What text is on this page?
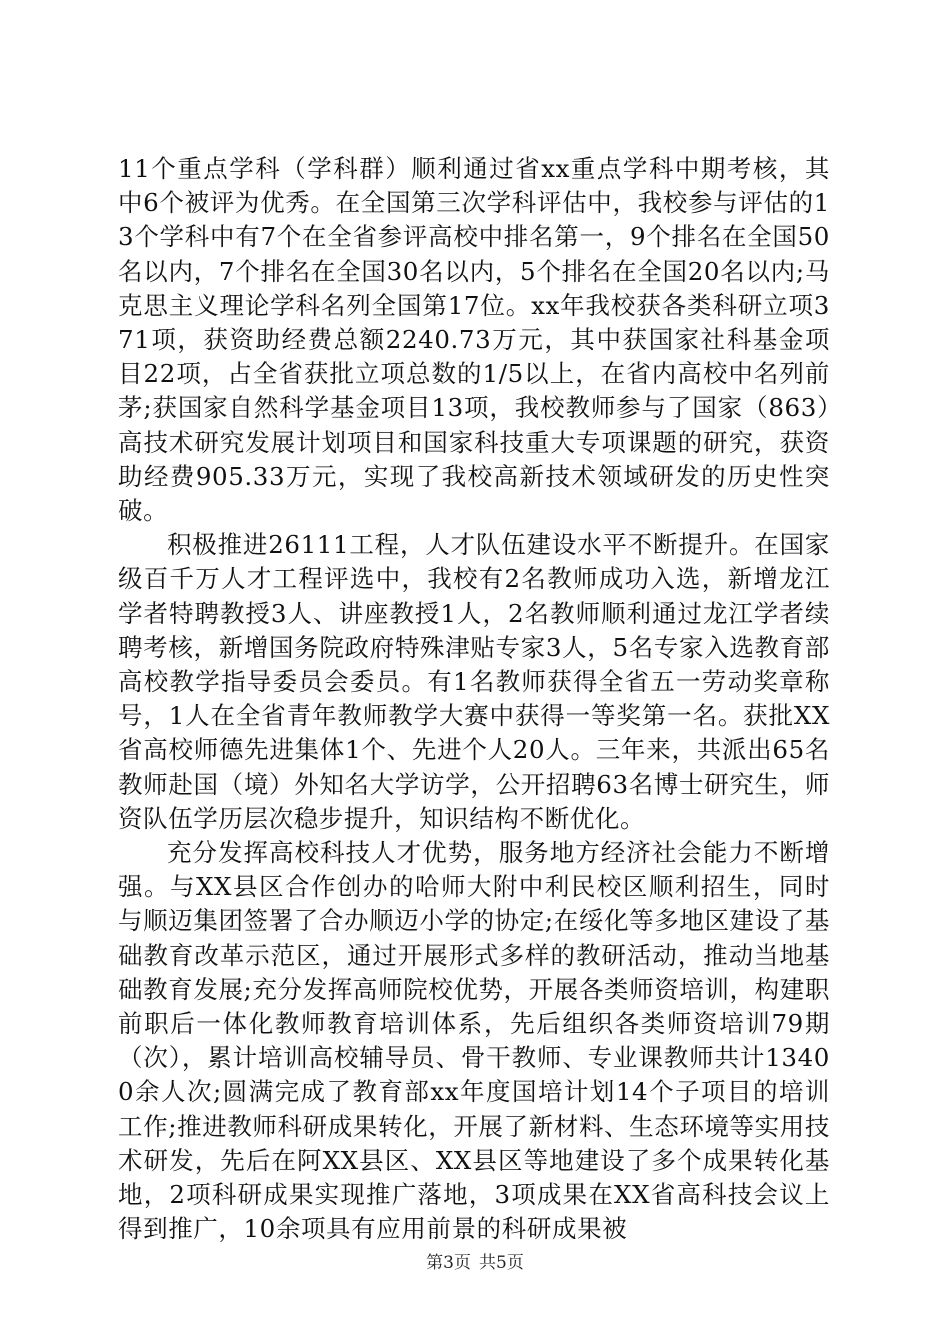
11个重点学科（学科群）顺利通过省xx重点学科中期考核，其中6个被评为优秀。在全国第三次学科评估中，我校参与评估的13个学科中有7个在全省参评高校中排名第一，9个排名在全国50名以内，7个排名在全国30名以内，5个排名在全国20名以内;马克思主义理论学科名列全国第17位。xx年我校获各类科研立项371项，获资助经费总额2240.73万元，其中获国家社科基金项目22项，占全省获批立项总数的1/5以上，在省内高校中名列前茅;获国家自然科学基金项目13项，我校教师参与了国家（863）高技术研究发展计划项目和国家科技重大专项课题的研究，获资助经费905.33万元，实现了我校高新技术领域研发的历史性突破。

积极推进26111工程，人才队伍建设水平不断提升。在国家级百千万人才工程评选中，我校有2名教师成功入选，新增龙江学者特聘教授3人、讲座教授1人，2名教师顺利通过龙江学者续聘考核，新增国务院政府特殊津贴专家3人，5名专家入选教育部高校教学指导委员会委员。有1名教师获得全省五一劳动奖章称号，1人在全省青年教师教学大赛中获得一等奖第一名。获批XX省高校师德先进集体1个、先进个人20人。三年来，共派出65名教师赴国（境）外知名大学访学，公开招聘63名博士研究生，师资队伍学历层次稳步提升，知识结构不断优化。

充分发挥高校科技人才优势，服务地方经济社会能力不断增强。与XX县区合作创办的哈师大附中利民校区顺利招生，同时与顺迈集团签署了合办顺迈小学的协定;在绥化等多地区建设了基础教育改革示范区，通过开展形式多样的教研活动，推动当地基础教育发展;充分发挥高师院校优势，开展各类师资培训，构建职前职后一体化教师教育培训体系，先后组织各类师资培训79期（次），累计培训高校辅导员、骨干教师、专业课教师共计13400余人次;圆满完成了教育部xx年度国培计划14个子项目的培训工作;推进教师科研成果转化，开展了新材料、生态环境等实用技术研发，先后在阿XX县区、XX县区等地建设了多个成果转化基地，2项科研成果实现推广落地，3项成果在XX省高科技会议上得到推广，10余项具有应用前景的科研成果被

第3页 共5页
